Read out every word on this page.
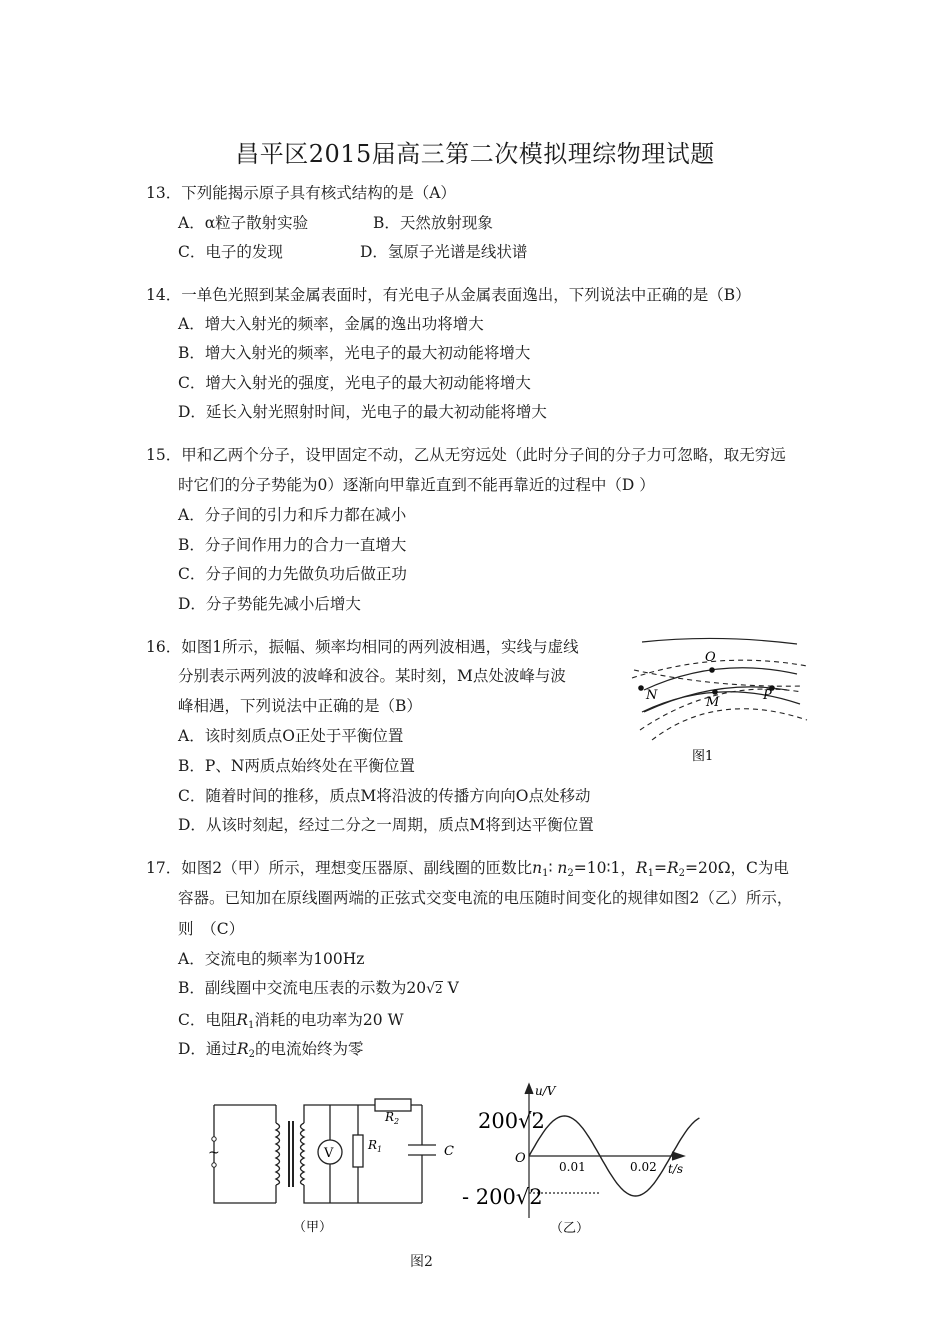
昌平区2015届高三第二次模拟理综物理试题
13．下列能揭示原子具有核式结构的是（A）
A．α粒子散射实验	B．天然放射现象
C．电子的发现	D．氢原子光谱是线状谱
14．一单色光照到某金属表面时，有光电子从金属表面逸出，下列说法中正确的是（B）
A．增大入射光的频率，金属的逸出功将增大
B．增大入射光的频率，光电子的最大初动能将增大
C．增大入射光的强度，光电子的最大初动能将增大
D．延长入射光照射时间，光电子的最大初动能将增大
15．甲和乙两个分子，设甲固定不动，乙从无穷远处（此时分子间的分子力可忽略，取无穷远
时它们的分子势能为0）逐渐向甲靠近直到不能再靠近的过程中（D ）
A．分子间的引力和斥力都在减小
B．分子间作用力的合力一直增大
C．分子间的力先做负功后做正功
D．分子势能先减小后增大
16．如图1所示，振幅、频率均相同的两列波相遇，实线与虚线
分别表示两列波的波峰和波谷。某时刻，M点处波峰与波
峰相遇，下列说法中正确的是（B）
A．该时刻质点O正处于平衡位置
B．P、N两质点始终处在平衡位置
C．随着时间的推移，质点M将沿波的传播方向向O点处移动
D．从该时刻起，经过二分之一周期，质点M将到达平衡位置
O
N	M	P
图1
17．如图2（甲）所示，理想变压器原、副线圈的匝数比$n_1∶$ $n_2=10∶1$，$R_1=R_2=20\Omega$，C为电
容器。已知加在原线圈两端的正弦式交变电流的电压随时间变化的规律如图2（乙）所示，
则　（C）
A．交流电的频率为100Hz
B．副线圈中交流电压表的示数为20√2 V
C．电阻$R_1$消耗的电功率为20 W
D．通过$R_2$的电流始终为零
~	V
$R_1$
$R_2$
C
（甲）
u/V
t/s
O
0.01	0.02
200√2
- 200√2
（乙）
图2
